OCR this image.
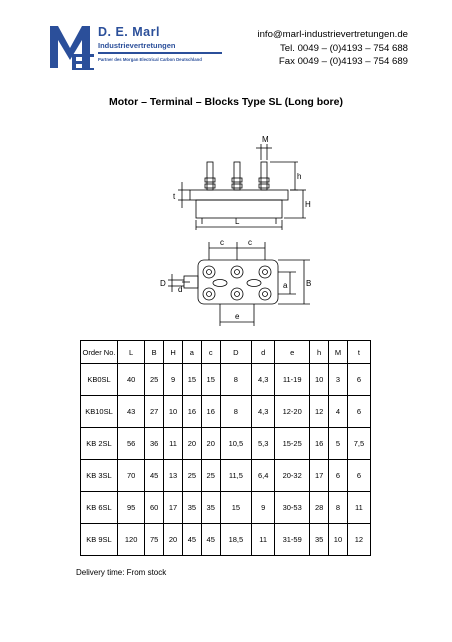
D. E. Marl
Industrievertretungen
Partner des Morgan Electrical Carbon Deutschland
info@marl-industrievertretungen.de
Tel. 0049 – (0)4193 – 754 688
Fax 0049 – (0)4193 – 754 689
Motor – Terminal – Blocks Type SL (Long bore)
M
h
H
t
L
c	c
D
d	a B
e
Order No.	L	B	H	a	c	D	d	e	h	M	t
KB0SL	40	25	9	15	15	8	4,3	11-19	10	3	6
KB10SL	43	27	10	16	16	8	4,3	12-20	12	4	6
KB 2SL	56	36	11	20	20	10,5	5,3	15-25	16	5	7,5
KB 3SL	70	45	13	25	25	11,5	6,4	20-32	17	6	6
KB 6SL	95	60	17	35	35	15	9	30-53	28	8	11
KB 9SL	120	75	20	45	45	18,5	11	31-59	35	10	12
Delivery time: From stock
